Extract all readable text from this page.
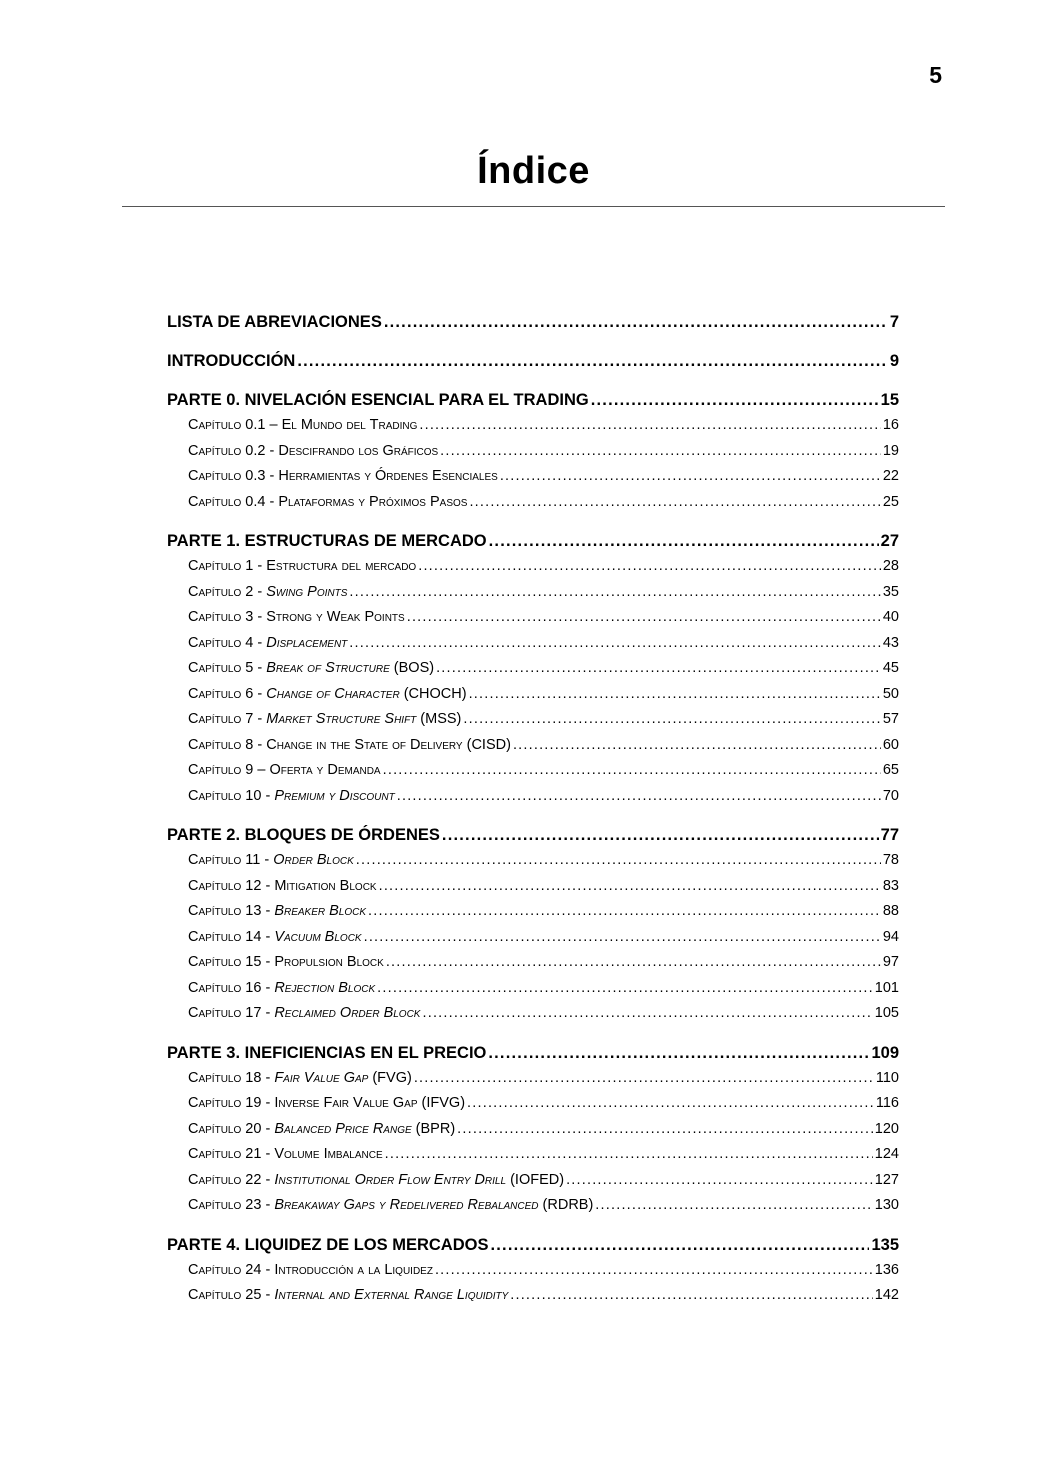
5
Índice
LISTA DE ABREVIACIONES .....	7
INTRODUCCIÓN .....	9
PARTE 0. NIVELACIÓN ESENCIAL PARA EL TRADING .....	15
Capítulo 0.1 – El Mundo del Trading .....	16
Capítulo 0.2 - Descifrando los Gráficos .....	19
Capítulo 0.3 - Herramientas y Órdenes Esenciales .....	22
Capítulo 0.4 - Plataformas y Próximos Pasos .....	25
PARTE 1. ESTRUCTURAS DE MERCADO .....	27
Capítulo 1 - Estructura del mercado .....	28
Capítulo 2 - Swing Points .....	35
Capítulo 3 - Strong y Weak Points .....	40
Capítulo 4 - Displacement .....	43
Capítulo 5 - Break of Structure (BOS) .....	45
Capítulo 6 - Change of Character (CHOCH) .....	50
Capítulo 7 - Market Structure Shift (MSS) .....	57
Capítulo 8 - Change in the State of Delivery (CISD) .....	60
Capítulo 9 – Oferta y Demanda .....	65
Capítulo 10 - Premium y Discount .....	70
PARTE 2. BLOQUES DE ÓRDENES .....	77
Capítulo 11 - Order Block .....	78
Capítulo 12 - Mitigation Block .....	83
Capítulo 13 - Breaker Block .....	88
Capítulo 14 - Vacuum Block .....	94
Capítulo 15 - Propulsion Block .....	97
Capítulo 16 - Rejection Block .....	101
Capítulo 17 - Reclaimed Order Block .....	105
PARTE 3. INEFICIENCIAS EN EL PRECIO .....	109
Capítulo 18 - Fair Value Gap (FVG) .....	110
Capítulo 19 - Inverse Fair Value Gap (IFVG) .....	116
Capítulo 20 - Balanced Price Range (BPR) .....	120
Capítulo 21 - Volume Imbalance .....	124
Capítulo 22 - Institutional Order Flow Entry Drill (IOFED) .....	127
Capítulo 23 - Breakaway Gaps y Redelivered Rebalanced (RDRB) .....	130
PARTE 4. LIQUIDEZ DE LOS MERCADOS .....	135
Capítulo 24 - Introducción a la Liquidez .....	136
Capítulo 25 - Internal and External Range Liquidity .....	142
